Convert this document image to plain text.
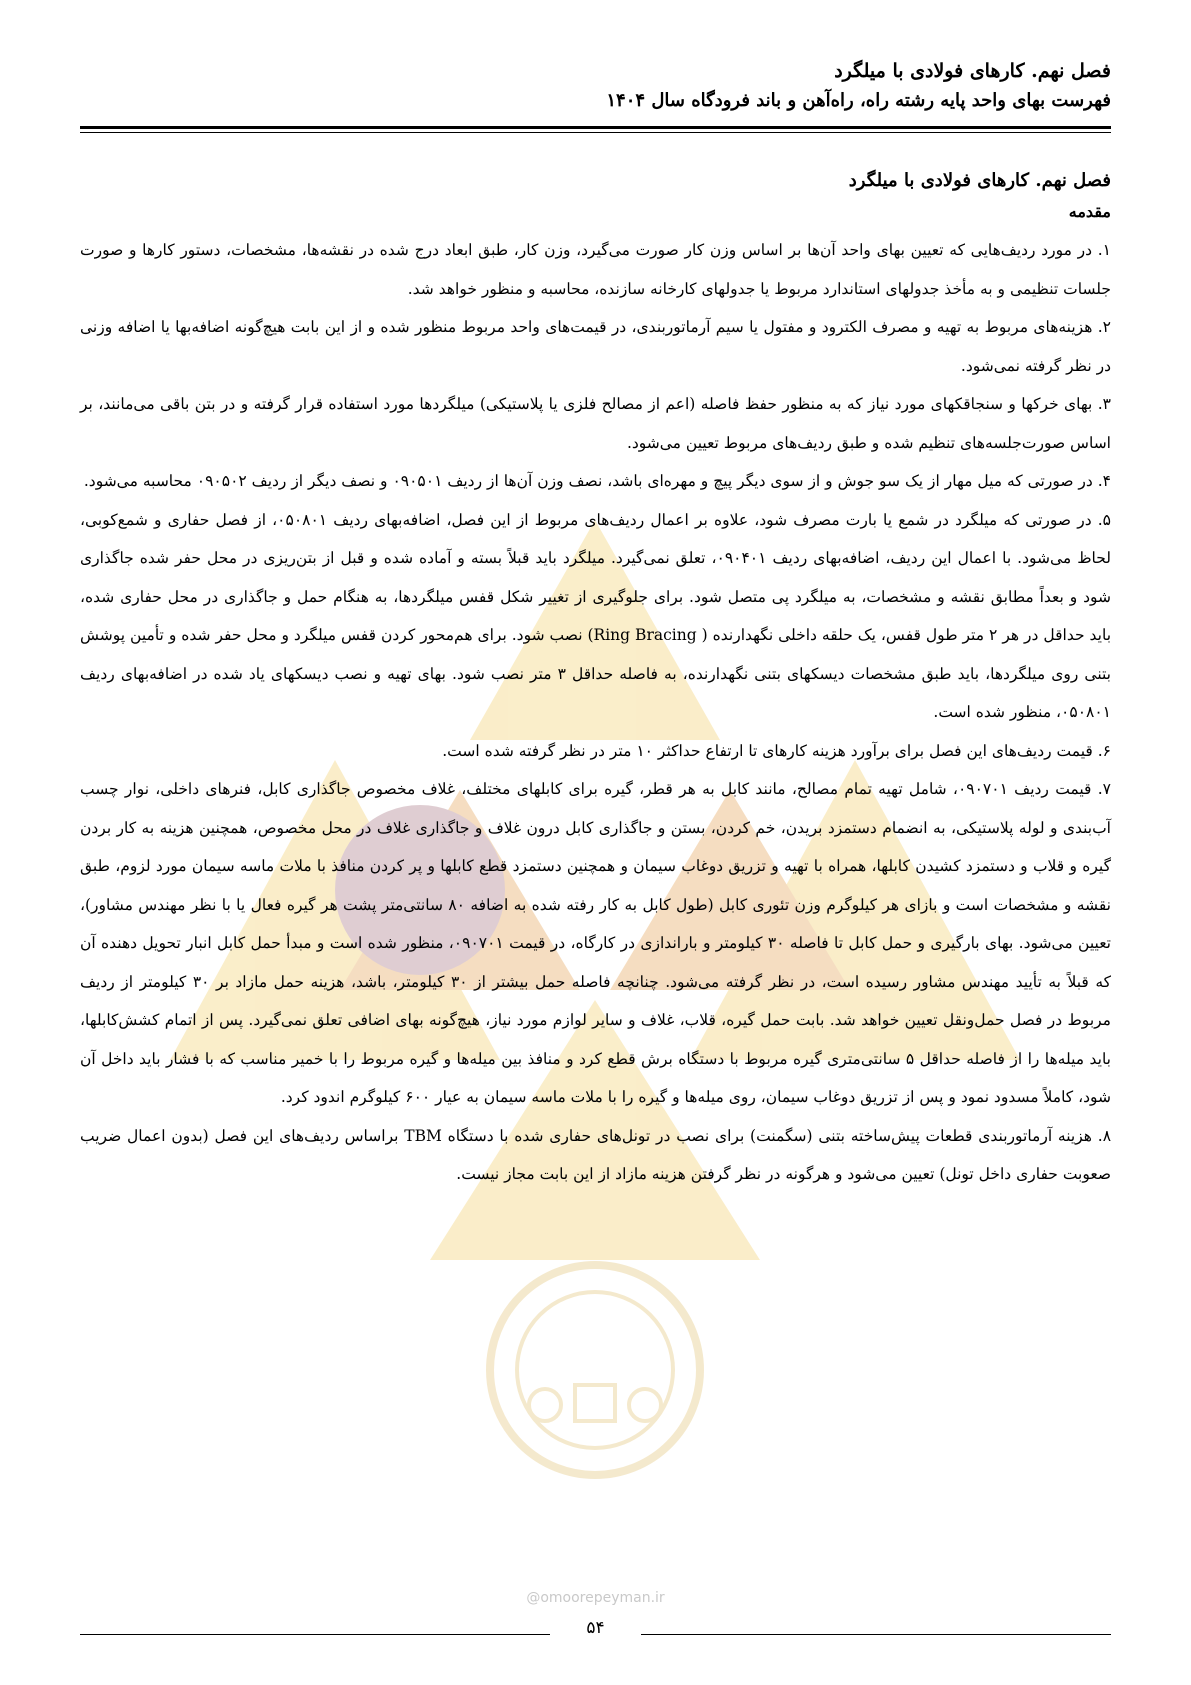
فصل نهم. کارهای فولادی با میلگرد
فهرست بهای واحد پایه رشته راه، راه‌آهن و باند فرودگاه سال ۱۴۰۴
فصل نهم. کارهای فولادی با میلگرد
مقدمه

۱. در مورد ردیف‌هایی که تعیین بهای واحد آن‌ها بر اساس وزن کار صورت می‌گیرد، وزن کار، طبق ابعاد درج شده در نقشه‌ها، مشخصات، دستور کارها و صورت جلسات تنظیمی و به مأخذ جدولهای استاندارد مربوط یا جدولهای کارخانه سازنده، محاسبه و منظور خواهد شد.

۲. هزینه‌های مربوط به تهیه و مصرف الکترود و مفتول یا سیم آرماتوربندی، در قیمت‌های واحد مربوط منظور شده و از این بابت هیچ‌گونه اضافه‌بها یا اضافه وزنی در نظر گرفته نمی‌شود.

۳. بهای خرکها و سنجاقکهای مورد نیاز که به منظور حفظ فاصله (اعم از مصالح فلزی یا پلاستیکی) میلگردها مورد استفاده قرار گرفته و در بتن باقی می‌مانند، بر اساس صورت‌جلسه‌های تنظیم شده و طبق ردیف‌های مربوط تعیین می‌شود.

۴. در صورتی که میل مهار از یک سو جوش و از سوی دیگر پیچ و مهره‌ای باشد، نصف وزن آن‌ها از ردیف ۰۹۰۵۰۱ و نصف دیگر از ردیف ۰۹۰۵۰۲ محاسبه می‌شود.

۵. در صورتی که میلگرد در شمع یا بارت مصرف شود، علاوه بر اعمال ردیف‌های مربوط از این فصل، اضافه‌بهای ردیف ۰۵۰۸۰۱، از فصل حفاری و شمع‌کوبی، لحاظ می‌شود. با اعمال این ردیف، اضافه‌بهای ردیف ۰۹۰۴۰۱، تعلق نمی‌گیرد. میلگرد باید قبلاً بسته و آماده شده و قبل از بتن‌ریزی در محل حفر شده جاگذاری شود و بعداً مطابق نقشه و مشخصات، به میلگرد پی متصل شود. برای جلوگیری از تغییر شکل قفس میلگردها، به هنگام حمل و جاگذاری در محل حفاری شده، باید حداقل در هر ۲ متر طول قفس، یک حلقه داخلی نگهدارنده ( Ring Bracing) نصب شود. برای هم‌محور کردن قفس میلگرد و محل حفر شده و تأمین پوشش بتنی روی میلگردها، باید طبق مشخصات دیسکهای بتنی نگهدارنده، به فاصله حداقل ۳ متر نصب شود. بهای تهیه و نصب دیسکهای یاد شده در اضافه‌بهای ردیف ۰۵۰۸۰۱، منظور شده است.

۶. قیمت ردیف‌های این فصل برای برآورد هزینه کارهای تا ارتفاع حداکثر ۱۰ متر در نظر گرفته شده است.

۷. قیمت ردیف ۰۹۰۷۰۱، شامل تهیه تمام مصالح، مانند کابل به هر قطر، گیره برای کابلهای مختلف، غلاف مخصوص جاگذاری کابل، فنرهای داخلی، نوار چسب آب‌بندی و لوله پلاستیکی، به انضمام دستمزد بریدن، خم کردن، بستن و جاگذاری کابل درون غلاف و جاگذاری غلاف در محل مخصوص، همچنین هزینه به کار بردن گیره و قلاب و دستمزد کشیدن کابلها، همراه با تهیه و تزریق دوغاب سیمان و همچنین دستمزد قطع کابلها و پر کردن منافذ با ملات ماسه سیمان مورد لزوم، طبق نقشه و مشخصات است و بازای هر کیلوگرم وزن تئوری کابل (طول کابل به کار رفته شده به اضافه ۸۰ سانتی‌متر پشت هر گیره فعال یا با نظر مهندس مشاور)، تعیین می‌شود. بهای بارگیری و حمل کابل تا فاصله ۳۰ کیلومتر و باراندازی در کارگاه، در قیمت ۰۹۰۷۰۱، منظور شده است و مبدأ حمل کابل انبار تحویل دهنده آن که قبلاً به تأیید مهندس مشاور رسیده است، در نظر گرفته می‌شود. چنانچه فاصله حمل بیشتر از ۳۰ کیلومتر، باشد، هزینه حمل مازاد بر ۳۰ کیلومتر از ردیف مربوط در فصل حمل‌ونقل تعیین خواهد شد. بابت حمل گیره، قلاب، غلاف و سایر لوازم مورد نیاز، هیچ‌گونه بهای اضافی تعلق نمی‌گیرد. پس از اتمام کشش‌کابلها، باید میله‌ها را از فاصله حداقل ۵ سانتی‌متری گیره مربوط با دستگاه برش قطع کرد و منافذ بین میله‌ها و گیره مربوط را با خمیر مناسب که با فشار باید داخل آن شود، کاملاً مسدود نمود و پس از تزریق دوغاب سیمان، روی میله‌ها و گیره را با ملات ماسه سیمان به عیار ۶۰۰ کیلوگرم اندود کرد.

۸. هزینه آرماتوربندی قطعات پیش‌ساخته بتنی (سگمنت) برای نصب در تونل‌های حفاری شده با دستگاه TBM براساس ردیف‌های این فصل (بدون اعمال ضریب صعوبت حفاری داخل تونل) تعیین می‌شود و هرگونه در نظر گرفتن هزینه مازاد از این بابت مجاز نیست.

@omoorepeyman.ir
۵۴
